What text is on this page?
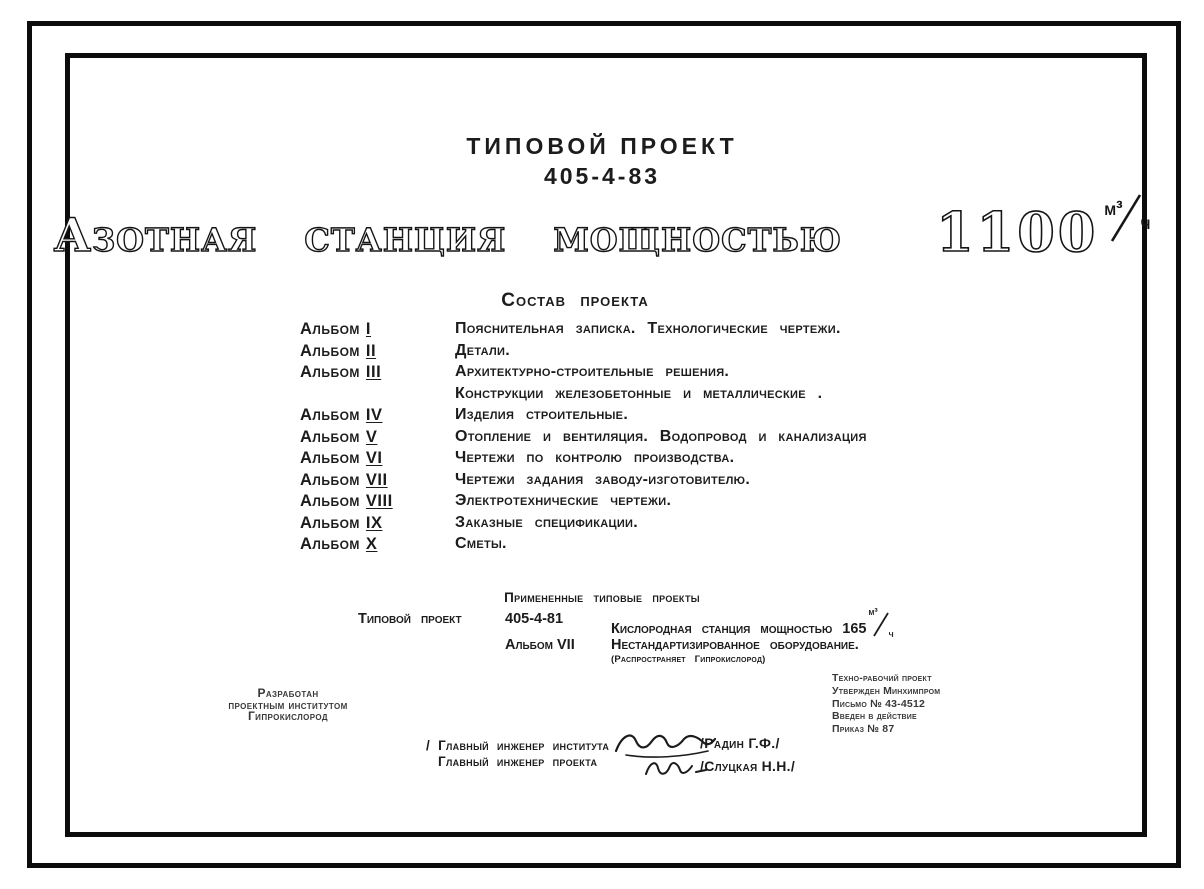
ТИПОВОЙ ПРОЕКТ
405-4-83
Азотная станция мощностью 1100 м³
ч
Состав проекта
Альбом I	Пояснительная записка. Технологические чертежи.
Альбом II	Детали.
Альбом III	Архитектурно-строительные решения.
Конструкции железобетонные и металлические .
Альбом IV	Изделия строительные.
Альбом V	Отопление и вентиляция. Водопровод и канализация
Альбом VI	Чертежи по контролю производства.
Альбом VII	Чертежи задания заводу-изготовителю.
Альбом VIII	Электротехнические чертежи.
Альбом IX	Заказные спецификации.
Альбом X	Сметы.
Примененные типовые проекты
Типовой проект	405-4-81
Кислородная станция мощностью 165
м³
ч
Альбом VII	Нестандартизированное оборудование.
(Распространяет Гипрокислород)
Разработан
проектным институтом
Гипрокислород
Техно-рабочий проект
Утвержден Минхимпром
Письмо № 43-4512
Введен в действие
Приказ № 87
/ Главный инженер института
Главный инженер проекта
/Радин Г.Ф./
/Слуцкая Н.Н./
